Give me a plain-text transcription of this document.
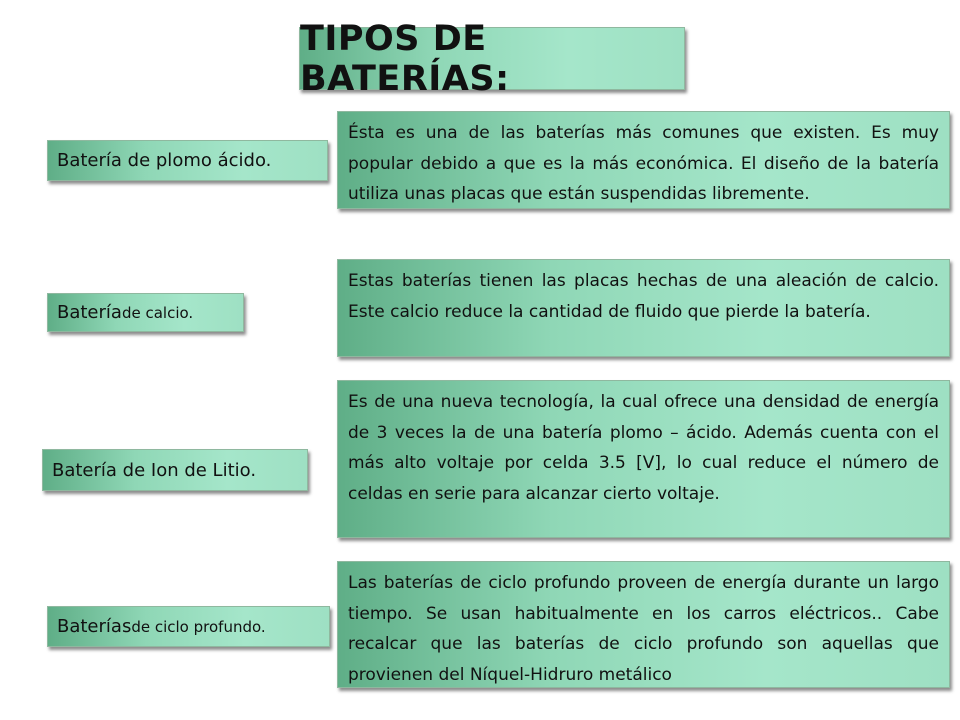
TIPOS DE BATERÍAS:
Batería de plomo ácido.

Ésta es una de las baterías más comunes que existen. Es muy popular debido a que es la más económica. El diseño de la batería utiliza unas placas que están suspendidas libremente.

Batería de calcio.

Estas baterías tienen las placas hechas de una aleación de calcio. Este calcio reduce la cantidad de fluido que pierde la batería.

Batería de Ion de Litio.

Es de una nueva tecnología, la cual ofrece una densidad de energía de 3 veces la de una batería plomo – ácido. Además cuenta con el más alto voltaje por celda 3.5 [V], lo cual reduce el número de celdas en serie para alcanzar cierto voltaje.

Baterías de ciclo profundo.

Las baterías de ciclo profundo proveen de energía durante un largo tiempo. Se usan habitualmente en los carros eléctricos.. Cabe recalcar que las baterías de ciclo profundo son aquellas que provienen del Níquel-Hidruro metálico
